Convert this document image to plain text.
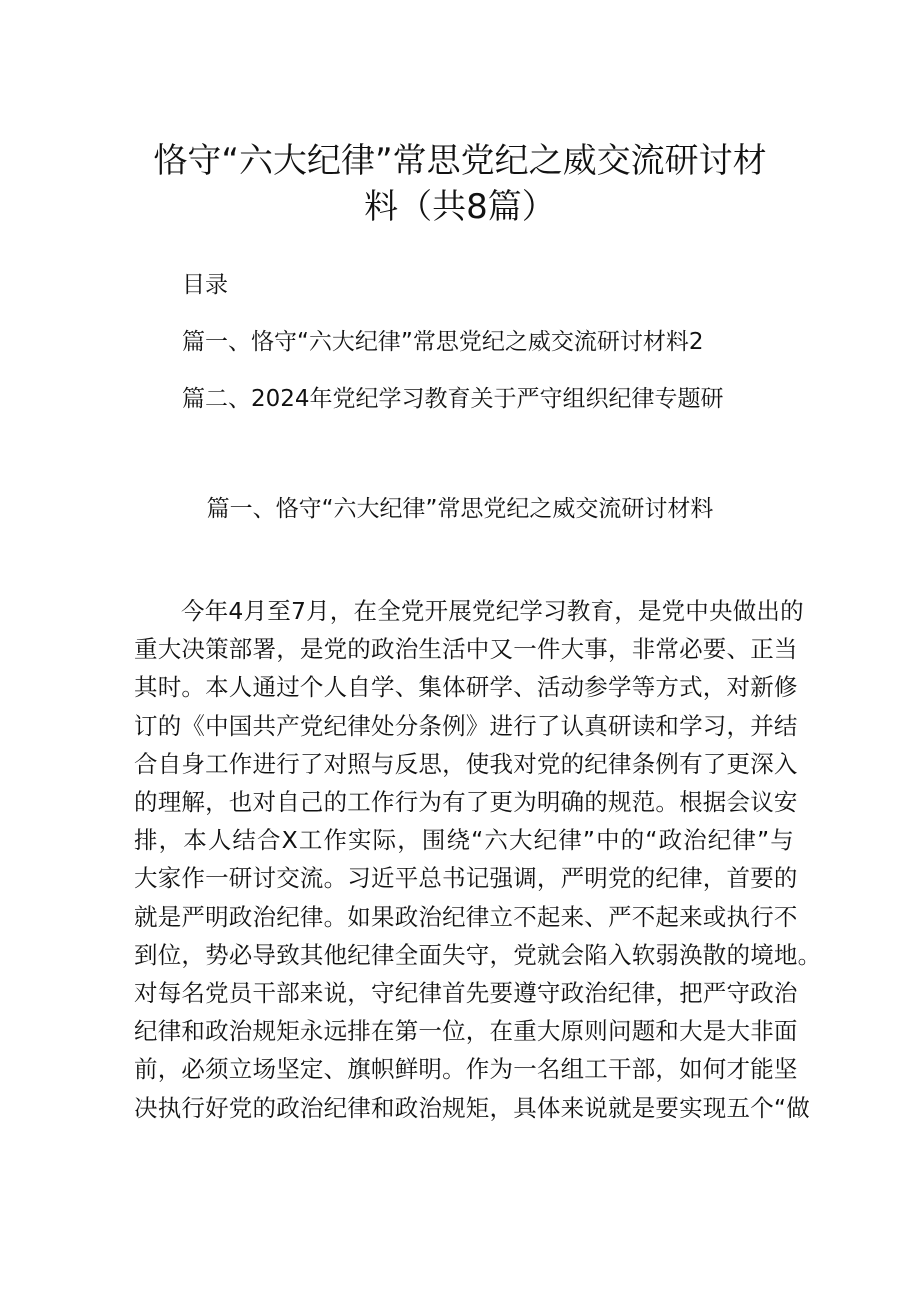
恪守“六大纪律”常思党纪之威交流研讨材
料（共8篇）
目录
篇一、恪守“六大纪律”常思党纪之威交流研讨材料2
篇二、2024年党纪学习教育关于严守组织纪律专题研
篇一、恪守“六大纪律”常思党纪之威交流研讨材料
今年4月至7月，在全党开展党纪学习教育，是党中央做出的
重大决策部署，是党的政治生活中又一件大事，非常必要、正当
其时。本人通过个人自学、集体研学、活动参学等方式，对新修
订的《中国共产党纪律处分条例》进行了认真研读和学习，并结
合自身工作进行了对照与反思，使我对党的纪律条例有了更深入
的理解，也对自己的工作行为有了更为明确的规范。根据会议安
排，本人结合X工作实际，围绕“六大纪律”中的“政治纪律”与
大家作一研讨交流。习近平总书记强调，严明党的纪律，首要的
就是严明政治纪律。如果政治纪律立不起来、严不起来或执行不
到位，势必导致其他纪律全面失守，党就会陷入软弱涣散的境地。
对每名党员干部来说，守纪律首先要遵守政治纪律，把严守政治
纪律和政治规矩永远排在第一位，在重大原则问题和大是大非面
前，必须立场坚定、旗帜鲜明。作为一名组工干部，如何才能坚
决执行好党的政治纪律和政治规矩，具体来说就是要实现五个“做
